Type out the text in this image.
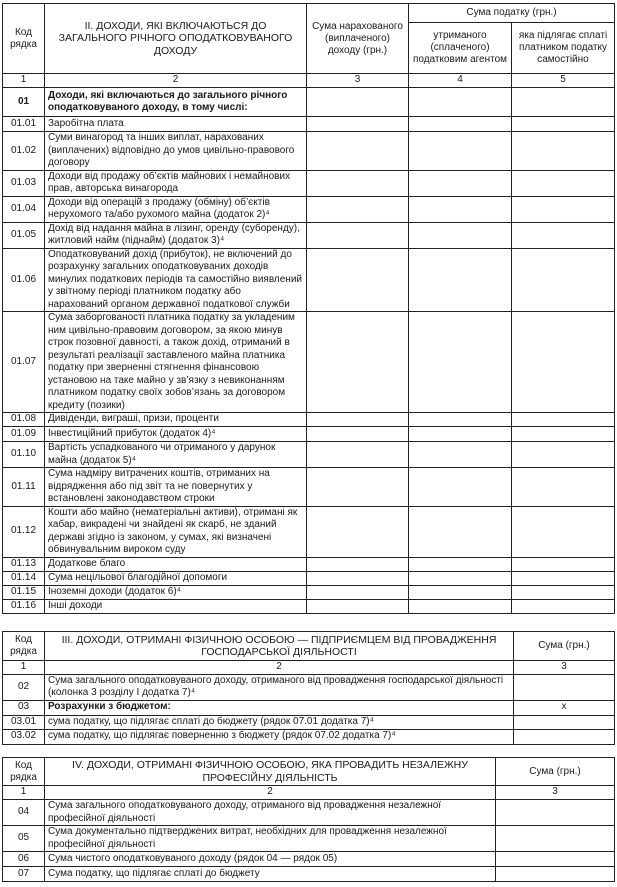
Код рядка	II. ДОХОДИ, ЯКІ ВКЛЮЧАЮТЬСЯ ДО ЗАГАЛЬНОГО РІЧНОГО ОПОДАТКОВУВАНОГО ДОХОДУ	Сума нарахованого (виплаченого) доходу (грн.)	Сума податку (грн.)	
			утриманого (сплаченого) податковим агентом	яка підлягає сплаті платником податку самостійно
1	2	3	4	5
01	Доходи, які включаються до загального річного оподатковуваного доходу, в тому числі:			
01.01	Заробітна плата			
01.02	Суми винагород та інших виплат, нарахованих (виплачених) відповідно до умов цивільно-правового договору			
01.03	Доходи від продажу об’єктів майнових і немайнових прав, авторська винагорода			
01.04	Доходи від операцій з продажу (обміну) об’єктів нерухомого та/або рухомого майна (додаток 2)⁴			
01.05	Дохід від надання майна в лізинг, оренду (суборенду), житловий найм (піднайм) (додаток 3)⁴			
01.06	Оподатковуваний дохід (прибуток), не включений до розрахунку загальних оподатковуваних доходів минулих податкових періодів та самостійно виявлений у звітному періоді платником податку або нарахований органом державної податкової служби			
01.07	Сума заборгованості платника податку за укладеним ним цивільно-правовим договором, за якою минув строк позовної давності, а також дохід, отриманий в результаті реалізації заставленого майна платника податку при зверненні стягнення фінансовою установою на таке майно у зв’язку з невиконанням платником податку своїх зобов’язань за договором кредиту (позики)			
01.08	Дивіденди, виграші, призи, проценти			
01.09	Інвестиційний прибуток (додаток 4)⁴			
01.10	Вартість успадкованого чи отриманого у дарунок майна (додаток 5)⁴			
01.11	Сума надміру витрачених коштів, отриманих на відрядження або під звіт та не повернутих у встановлені законодавством строки			
01.12	Кошти або майно (нематеріальні активи), отримані як хабар, викрадені чи знайдені як скарб, не зданий державі згідно із законом, у сумах, які визначені обвинувальним вироком суду			
01.13	Додаткове благо			
01.14	Сума нецільової благодійної допомоги			
01.15	Іноземні доходи (додаток 6)⁴			
01.16	Інші доходи			
Код рядка	III. ДОХОДИ, ОТРИМАНІ ФІЗИЧНОЮ ОСОБОЮ — ПІДПРИЄМЦЕМ ВІД ПРОВАДЖЕННЯ ГОСПОДАРСЬКОЇ ДІЯЛЬНОСТІ	Сума (грн.)
1	2	3
02	Сума загального оподатковуваного доходу, отриманого від провадження господарської діяльності (колонка 3 розділу I додатка 7)⁴	
03	Розрахунки з бюджетом:	x
03.01	сума податку, що підлягає сплаті до бюджету (рядок 07.01 додатка 7)⁴	
03.02	сума податку, що підлягає поверненню з бюджету (рядок 07.02 додатка 7)⁴	
Код рядка	IV. ДОХОДИ, ОТРИМАНІ ФІЗИЧНОЮ ОСОБОЮ, ЯКА ПРОВАДИТЬ НЕЗАЛЕЖНУ ПРОФЕСІЙНУ ДІЯЛЬНІСТЬ	Сума (грн.)
1	2	3
04	Сума загального оподатковуваного доходу, отриманого від провадження незалежної професійної діяльності	
05	Сума документальнo підтверджених витрат, необхідних для провадження незалежної професійної діяльності	
06	Сума чистого оподатковуваного доходу (рядок 04 — рядок 05)	
07	Сума податку, що підлягає сплаті до бюджету	
